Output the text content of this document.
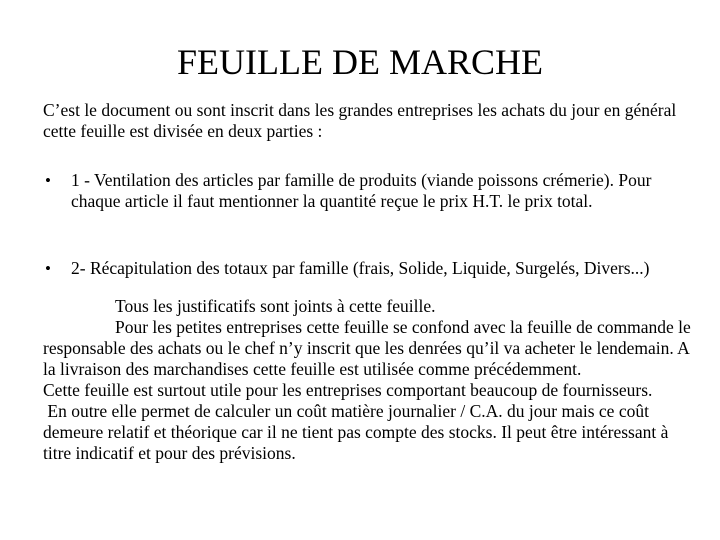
FEUILLE DE MARCHE

C’est le document ou sont inscrit dans les grandes entreprises les achats du jour en général cette feuille est divisée en deux parties :

• 1 - Ventilation des articles par famille de produits (viande poissons crémerie). Pour chaque article il faut mentionner la quantité reçue le prix H.T. le prix total.
• 2- Récapitulation des totaux par famille (frais, Solide, Liquide, Surgelés, Divers...)

Tous les justificatifs sont joints à cette feuille.

Pour les petites entreprises cette feuille se confond avec la feuille de commande le responsable des achats ou le chef n’y inscrit que les denrées qu’il va acheter le lendemain. A la livraison des marchandises cette feuille est utilisée comme précédemment.

Cette feuille est surtout utile pour les entreprises comportant beaucoup de fournisseurs.

En outre elle permet de calculer un coût matière journalier / C.A. du jour mais ce coût demeure relatif et théorique car il ne tient pas compte des stocks. Il peut être intéressant à titre indicatif et pour des prévisions.
